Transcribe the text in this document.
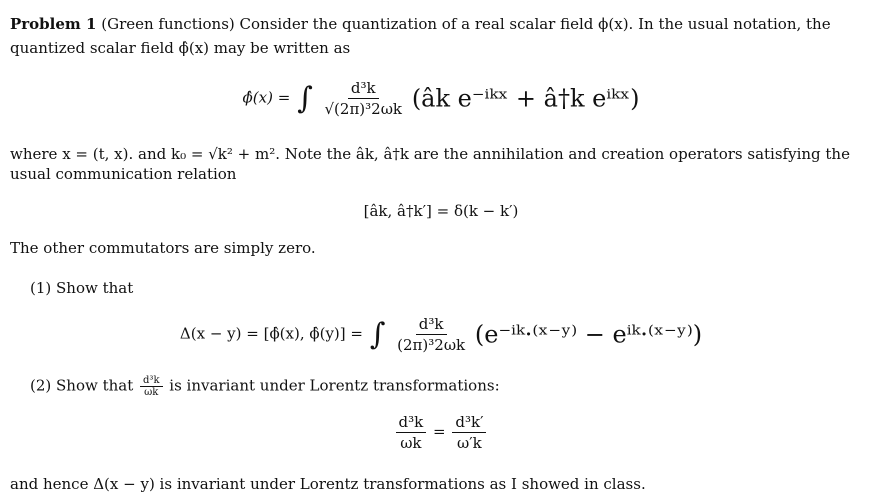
Problem 1 (Green functions) Consider the quantization of a real scalar field ϕ(x). In the usual notation, the
quantized scalar field ϕ̂(x) may be written as
ϕ̂(x) = ∫ $\frac{\text{d³k}}{\text{√(2π)³2ωk}}$ (âk e⁻ⁱᵏˣ + â†k eⁱᵏˣ)
where x = (t, x). and k₀ = √k² + m². Note the âk, â†k are the annihilation and creation operators satisfying the
usual communication relation
[âk, â†k′] = δ(k − k′)
The other commutators are simply zero.
(1) Show that
Δ(x − y) = [ϕ̂(x), ϕ̂(y)] = ∫ $\frac{\text{d³k}}{\text{(2π)³2ωk}}$ (e⁻ⁱᵏ·⁽ˣ⁻ʸ⁾ − eⁱᵏ·⁽ˣ⁻ʸ⁾)
(2) Show that $\frac{\text{d³k}}{\omega k}$ is invariant under Lorentz transformations:
$\frac{\text{d³k}}{\omega k} = \frac{\text{d³k′}}{\omega'k}$
and hence Δ(x − y) is invariant under Lorentz transformations as I showed in class.
